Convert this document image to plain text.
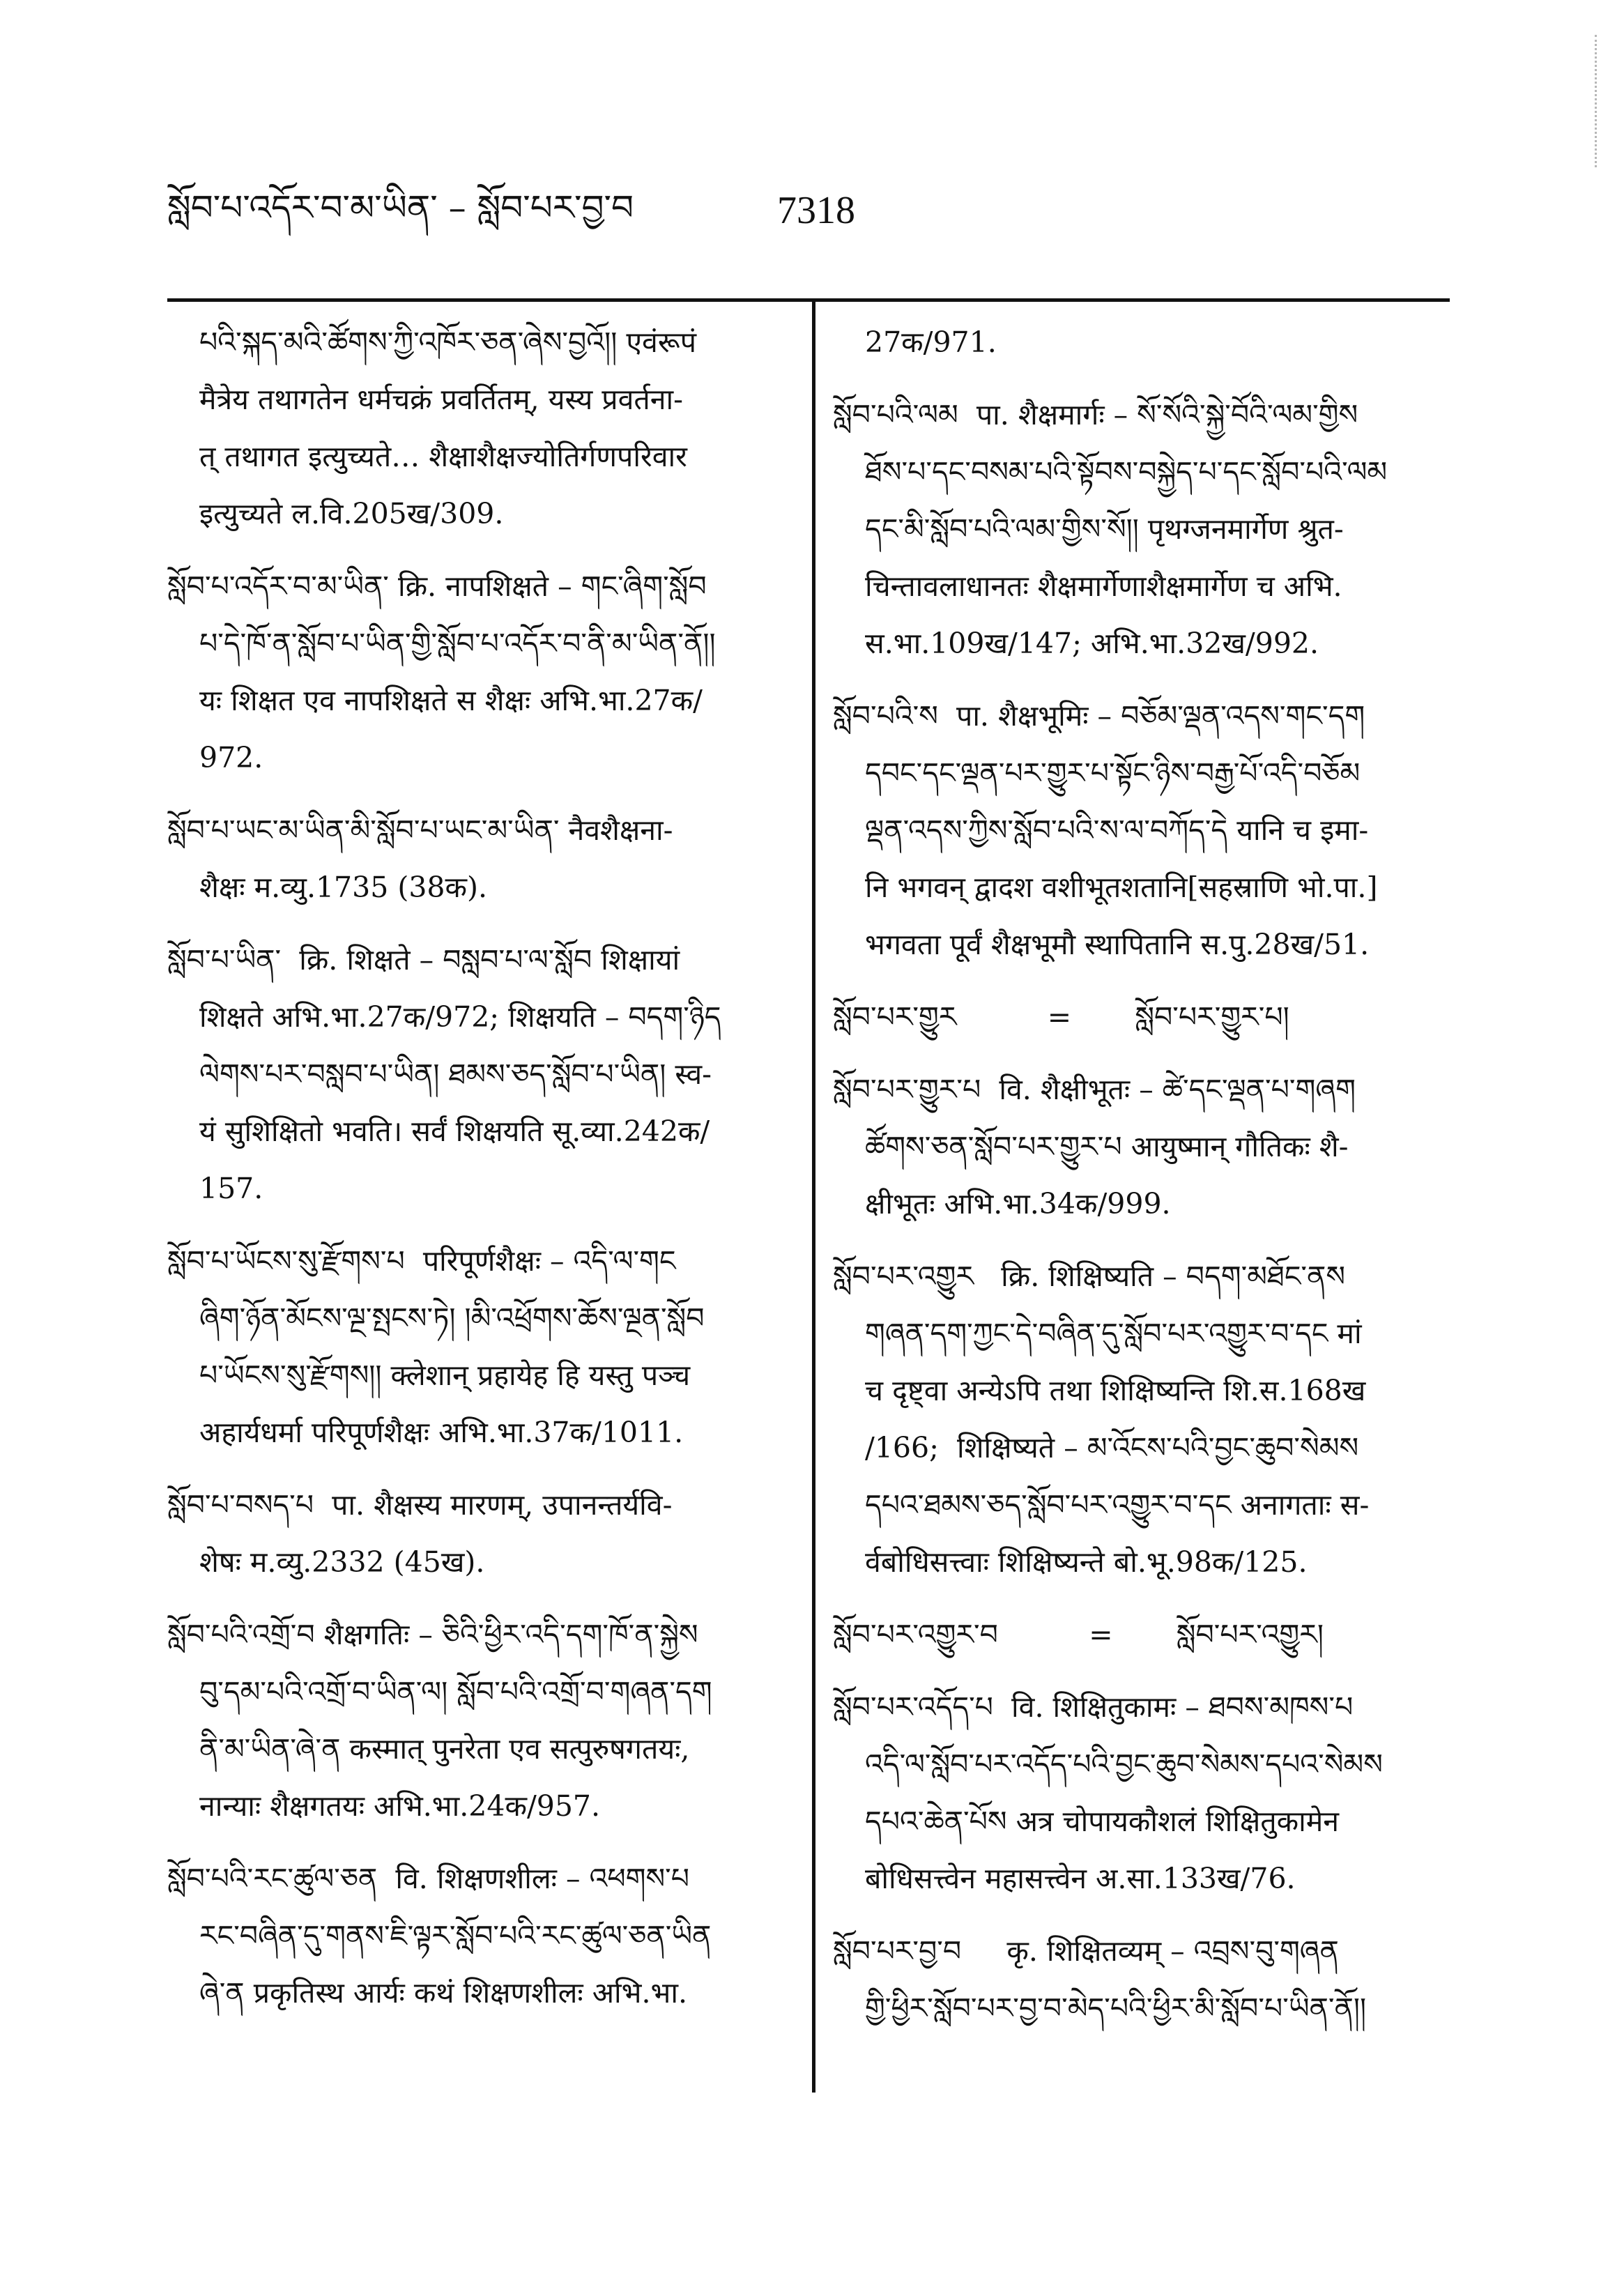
སློབ་པ་འདོར་བ་མ་ཡིན་ – སློབ་པར་བྱ་བ	7318
པའི་སྐད་མའི་ཚོགས་ཀྱི་འཁོར་ཅན་ཞེས་བྱའོ།། एवंरूपं
मैत्रेय तथागतेन धर्मचक्रं प्रवर्तितम्, यस्य प्रवर्तना-
त् तथागत इत्युच्यते… शैक्षाशैक्षज्योतिर्गणपरिवार
इत्युच्यते ल.वि.205ख/309.
སློབ་པ་འདོར་བ་མ་ཡིན་ क्रि. नापशिक्षते – གང་ཞིག་སློབ
པ་དེ་ཁོ་ན་སློབ་པ་ཡིན་གྱི་སློབ་པ་འདོར་བ་ནི་མ་ཡིན་ནོ།།
यः शिक्षत एव नापशिक्षते स शैक्षः अभि.भा.27क/
972.
སློབ་པ་ཡང་མ་ཡིན་མི་སློབ་པ་ཡང་མ་ཡིན་ नैवशैक्षना-
शैक्षः म.व्यु.1735 (38क).
སློབ་པ་ཡིན་  क्रि. शिक्षते – བསླབ་པ་ལ་སློབ शिक्षायां
शिक्षते अभि.भा.27क/972; शिक्षयति – བདག་ཉིད
ལེགས་པར་བསླབ་པ་ཡིན། ཐམས་ཅད་སློབ་པ་ཡིན། स्व-
यं सुशिक्षितो भवति। सर्वं शिक्षयति सू.व्या.242क/
157.
སློབ་པ་ཡོངས་སུ་རྫོགས་པ  परिपूर्णशैक्षः – འདི་ལ་གང
ཞིག་ཉོན་མོངས་ལྔ་སྤངས་ཏེ། །མི་འཕྲོགས་ཆོས་ལྔན་སློབ
པ་ཡོངས་སུ་རྫོགས།། क्लेशान् प्रहायेह हि यस्तु पञ्च
अहार्यधर्मा परिपूर्णशैक्षः अभि.भा.37क/1011.
སློབ་པ་བསད་པ  पा. शैक्षस्य मारणम्, उपानन्तर्यवि-
शेषः म.व्यु.2332 (45ख).
སློབ་པའི་འགྲོ་བ शैक्षगतिः – ཅིའི་ཕྱིར་འདི་དག་ཁོ་ན་སྐྱེས
བུ་དམ་པའི་འགྲོ་བ་ཡིན་ལ། སློབ་པའི་འགྲོ་བ་གཞན་དག
ནི་མ་ཡིན་ཞེ་ན कस्मात् पुनरेता एव सत्पुरुषगतयः,
नान्याः शैक्षगतयः अभि.भा.24क/957.
སློབ་པའི་རང་ཚུལ་ཅན  वि. शिक्षणशीलः – འཕགས་པ
རང་བཞིན་དུ་གནས་ཇི་ལྟར་སློབ་པའི་རང་ཚུལ་ཅན་ཡིན
ཞེ་ན प्रकृतिस्थ आर्यः कथं शिक्षणशीलः अभि.भा.
27क/971.
སློབ་པའི་ལམ  पा. शैक्षमार्गः – སོ་སོའི་སྐྱེ་བོའི་ལམ་གྱིས
ཐོས་པ་དང་བསམ་པའི་སྟོབས་བསྐྱེད་པ་དང་སློབ་པའི་ལམ
དང་མི་སློབ་པའི་ལམ་གྱིས་སོ།། पृथग्जनमार्गेण श्रुत-
चिन्तावलाधानतः शैक्षमार्गेणाशैक्षमार्गेण च अभि.
स.भा.109ख/147; अभि.भा.32ख/992.
སློབ་པའི་ས  पा. शैक्षभूमिः – བཅོམ་ལྡན་འདས་གང་དག
དབང་དང་ལྡན་པར་གྱུར་པ་སྟོང་ཉིས་བརྒྱ་པོ་འདི་བཅོམ
ལྡན་འདས་ཀྱིས་སློབ་པའི་ས་ལ་བཀོད་དེ यानि च इमा-
नि भगवन् द्वादश वशीभूतशतानि[सहस्राणि भो.पा.]
भगवता पूर्वं शैक्षभूमौ स्थापितानि स.पु.28ख/51.
སློབ་པར་གྱུར          =       སློབ་པར་གྱུར་པ།
སློབ་པར་གྱུར་པ  वि. शैक्षीभूतः – ཚེ་དང་ལྡན་པ་གཞག
ཚོགས་ཅན་སློབ་པར་གྱུར་པ आयुष्मान् गौतिकः शै-
क्षीभूतः अभि.भा.34क/999.
སློབ་པར་འགྱུར   क्रि. शिक्षिष्यति – བདག་མཐོང་ནས
གཞན་དག་ཀྱང་དེ་བཞིན་དུ་སློབ་པར་འགྱུར་བ་དང मां
च दृष्ट्वा अन्येऽपि तथा शिक्षिष्यन्ति शि.स.168ख
/166;  शिक्षिष्यते – མ་འོངས་པའི་བྱང་ཆུབ་སེམས
དཔའ་ཐམས་ཅད་སློབ་པར་འགྱུར་བ་དང अनागताः स-
र्वबोधिसत्त्वाः शिक्षिष्यन्ते बो.भू.98क/125.
སློབ་པར་འགྱུར་བ          =       སློབ་པར་འགྱུར།
སློབ་པར་འདོད་པ  वि. शिक्षितुकामः – ཐབས་མཁས་པ
འདི་ལ་སློབ་པར་འདོད་པའི་བྱང་ཆུབ་སེམས་དཔའ་སེམས
དཔའ་ཆེན་པོས अत्र चोपायकौशलं शिक्षितुकामेन
बोधिसत्त्वेन महासत्त्वेन अ.सा.133ख/76.
སློབ་པར་བྱ་བ     कृ. शिक्षितव्यम् – འབྲས་བུ་གཞན
གྱི་ཕྱིར་སློབ་པར་བྱ་བ་མེད་པའི་ཕྱིར་མི་སློབ་པ་ཡིན་ནོ།།
